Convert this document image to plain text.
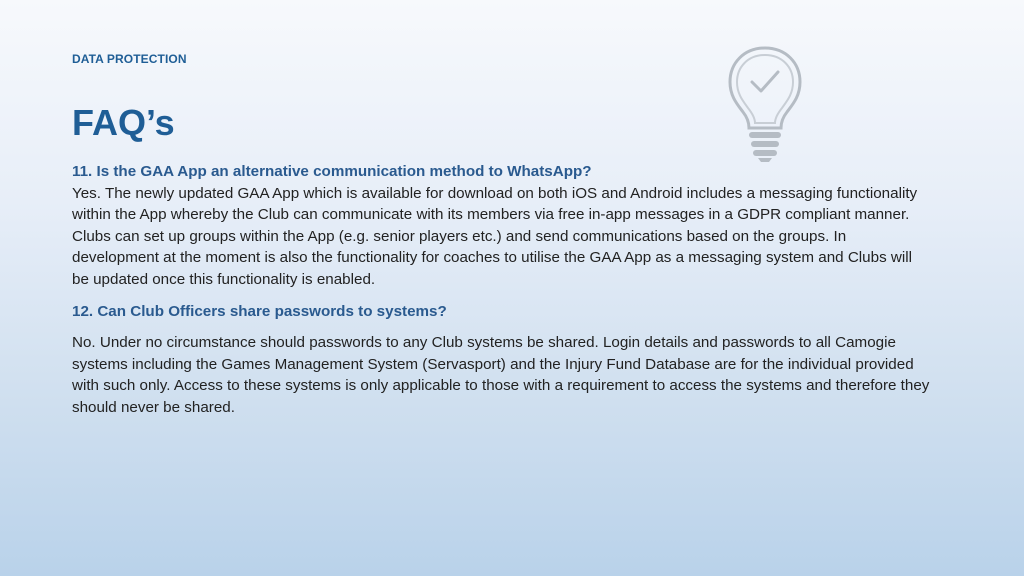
DATA PROTECTION
FAQ’s

11. Is the GAA App an alternative communication method to WhatsApp?

Yes. The newly updated GAA App which is available for download on both iOS and Android includes a messaging functionality within the App whereby the Club can communicate with its members via free in-app messages in a GDPR compliant manner. Clubs can set up groups within the App (e.g. senior players etc.) and send communications based on the groups. In development at the moment is also the functionality for coaches to utilise the GAA App as a messaging system and Clubs will be updated once this functionality is enabled.

12. Can Club Officers share passwords to systems?

No. Under no circumstance should passwords to any Club systems be shared. Login details and passwords to all Camogie systems including the Games Management System (Servasport) and the Injury Fund Database are for the individual provided with such only. Access to these systems is only applicable to those with a requirement to access the systems and therefore they should never be shared.
